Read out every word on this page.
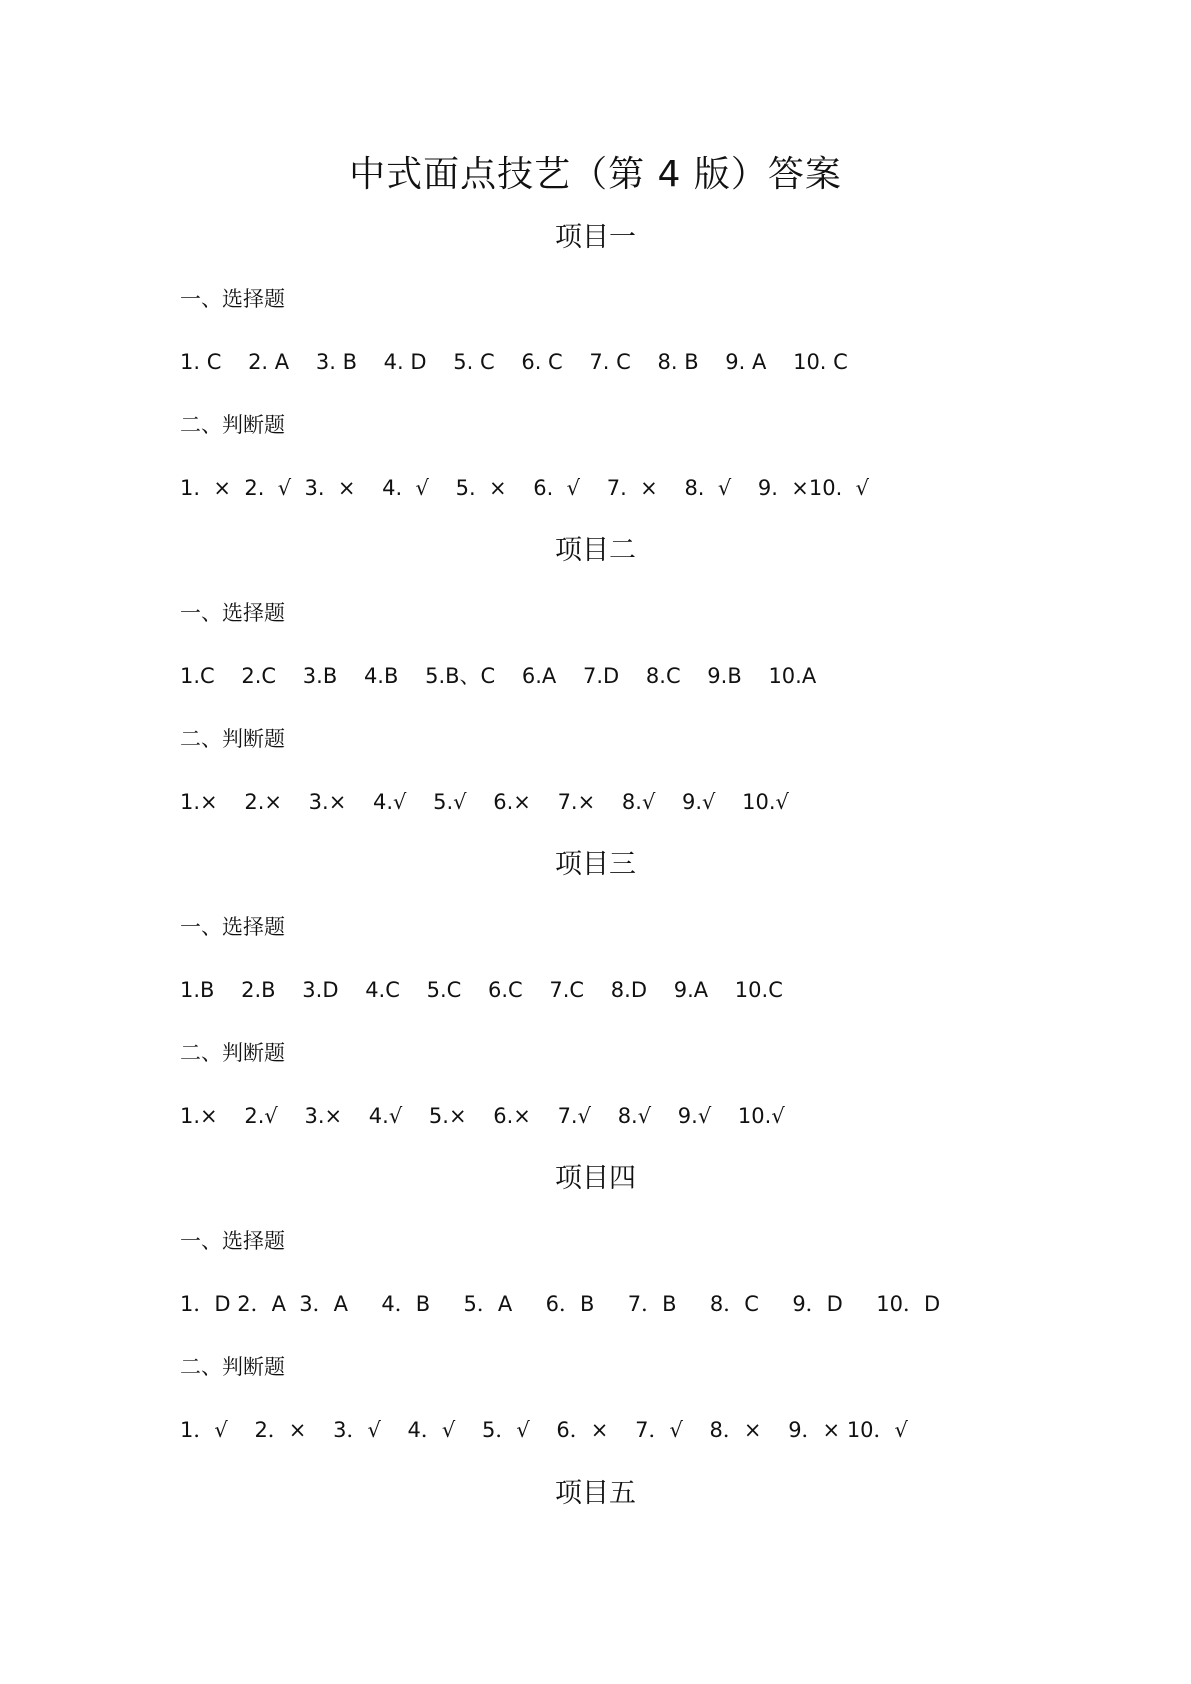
中式面点技艺（第 4 版）答案
项目一
一、选择题
1. C    2. A    3. B    4. D    5. C    6. C    7. C    8. B    9. A    10. C
二、判断题
1.  ×  2.  √  3.  ×    4.  √    5.  ×    6.  √    7.  ×    8.  √    9.  ×10.  √
项目二
一、选择题
1.C    2.C    3.B    4.B    5.B、C    6.A    7.D    8.C    9.B    10.A
二、判断题
1.×    2.×    3.×    4.√    5.√    6.×    7.×    8.√    9.√    10.√
项目三
一、选择题
1.B    2.B    3.D    4.C    5.C    6.C    7.C    8.D    9.A    10.C
二、判断题
1.×    2.√    3.×    4.√    5.×    6.×    7.√    8.√    9.√    10.√
项目四
一、选择题
1．D 2．A  3．A     4．B     5．A     6．B     7．B     8．C     9．D     10．D
二、判断题
1．√    2．×    3．√    4．√    5．√    6．×    7．√    8．×    9．× 10．√
项目五
